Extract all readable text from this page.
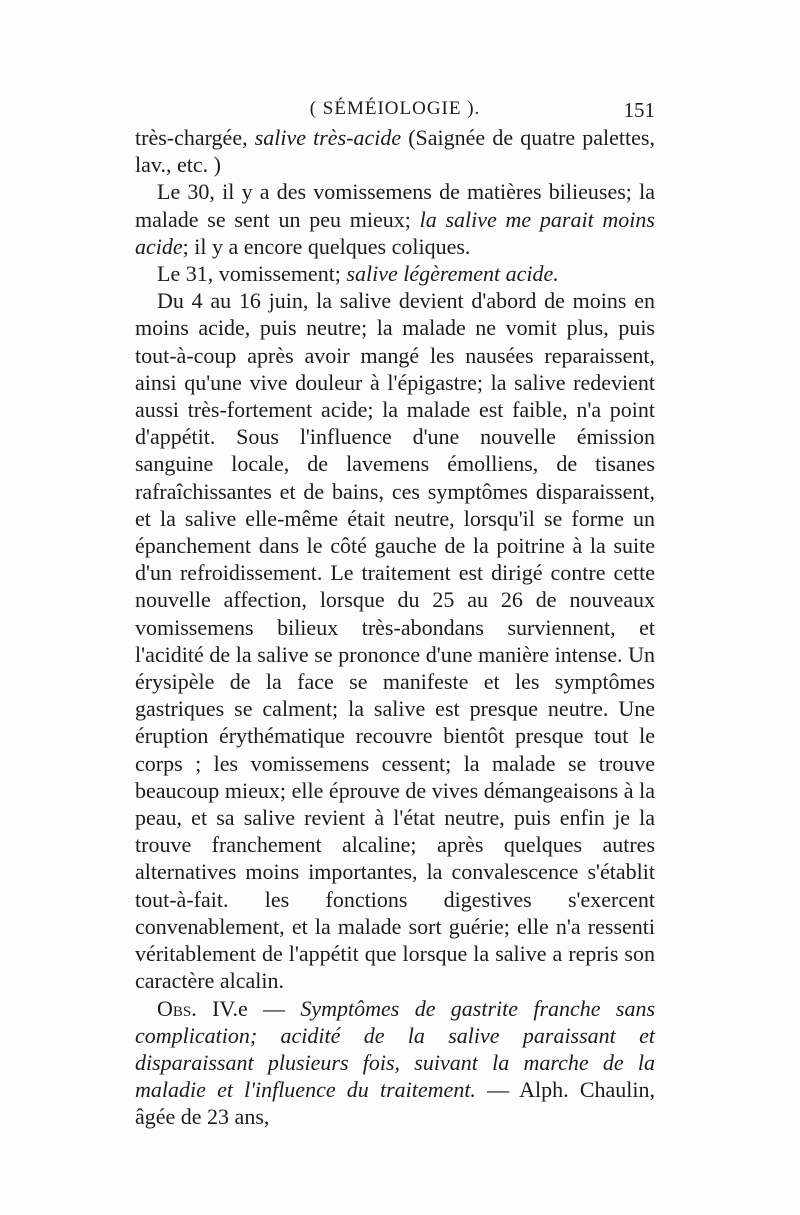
( SÉMÉIOLOGIE ).	151

très-chargée, salive très-acide (Saignée de quatre palettes, lav., etc. )

Le 30, il y a des vomissemens de matières bilieuses; la malade se sent un peu mieux; la salive me parait moins acide; il y a encore quelques coliques.

Le 31, vomissement; salive légèrement acide.

Du 4 au 16 juin, la salive devient d'abord de moins en moins acide, puis neutre; la malade ne vomit plus, puis tout-à-coup après avoir mangé les nausées reparaissent, ainsi qu'une vive douleur à l'épigastre; la salive redevient aussi très-fortement acide; la malade est faible, n'a point d'appétit. Sous l'influence d'une nouvelle émission sanguine locale, de lavemens émolliens, de tisanes rafraîchissantes et de bains, ces symptômes disparaissent, et la salive elle-même était neutre, lorsqu'il se forme un épanchement dans le côté gauche de la poitrine à la suite d'un refroidissement. Le traitement est dirigé contre cette nouvelle affection, lorsque du 25 au 26 de nouveaux vomissemens bilieux très-abondans surviennent, et l'acidité de la salive se prononce d'une manière intense. Un érysipèle de la face se manifeste et les symptômes gastriques se calment; la salive est presque neutre. Une éruption érythématique recouvre bientôt presque tout le corps ; les vomissemens cessent; la malade se trouve beaucoup mieux; elle éprouve de vives démangeaisons à la peau, et sa salive revient à l'état neutre, puis enfin je la trouve franchement alcaline; après quelques autres alternatives moins importantes, la convalescence s'établit tout-à-fait. les fonctions digestives s'exercent convenablement, et la malade sort guérie; elle n'a ressenti véritablement de l'appétit que lorsque la salive a repris son caractère alcalin.

Obs. IV.e — Symptômes de gastrite franche sans complication; acidité de la salive paraissant et disparaissant plusieurs fois, suivant la marche de la maladie et l'influence du traitement. — Alph. Chaulin, âgée de 23 ans,
